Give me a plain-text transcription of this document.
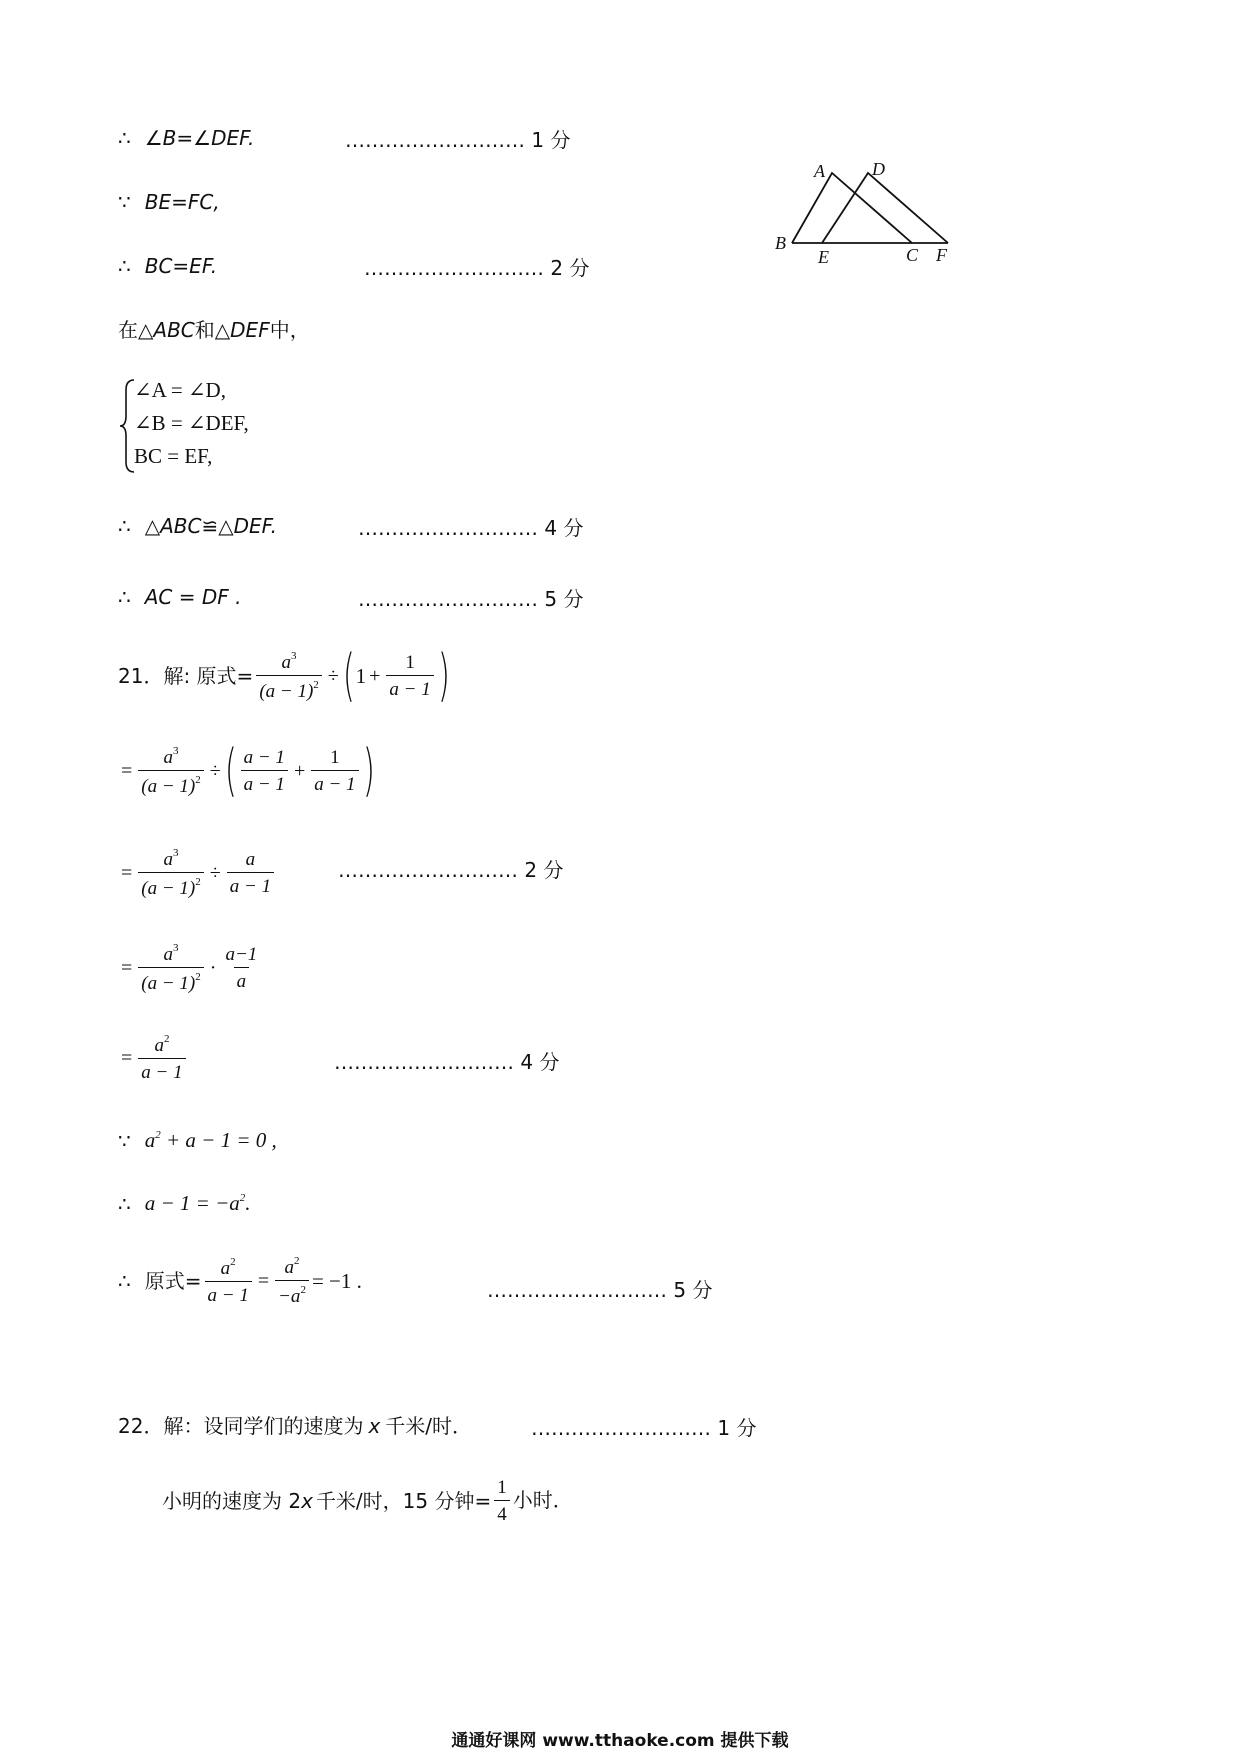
∴ ∠B=∠DEF.	……………………… 1 分
∵ BE=FC,
∴ BC=EF.	……………………… 2 分
在△ ABC 和△ DEF 中，
∠A = ∠D,
∠B = ∠DEF,
BC = EF,
∴ △ABC≌△DEF.	……………………… 4 分
∴ AC = DF .	……………………… 5 分
21．解: 原式= $\frac{a^3}{(a - 1)^2}$ ÷ ( $1 + \frac{1}{a - 1}$ )
= $\frac{a^3}{(a - 1)^2}$ ÷ ( $\frac{a - 1}{a - 1} + \frac{1}{a - 1}$ )
= $\frac{a^3}{(a - 1)^2} \div \frac{a}{a - 1}$	……………………… 2 分
= $\frac{a^3}{(a - 1)^2} \cdot \frac{a-1}{a}$
= $\frac{a^2}{a - 1}$	……………………… 4 分
∵ $a^2 + a - 1 = 0$ ,
∴ $a - 1 = -a^2$.
∴ 原式= $\frac{a^2}{a - 1} = \frac{a^2}{-a^2} = -1$ .	……………………… 5 分
22．解：设同学们的速度为 x 千米/时．	……………………… 1 分
小明的速度为 2 x 千米/时，15 分钟= $\frac{1}{4}$ 小时．
A	D
B
E	C F
通通好课网 www.tthaoke.com 提供下载
